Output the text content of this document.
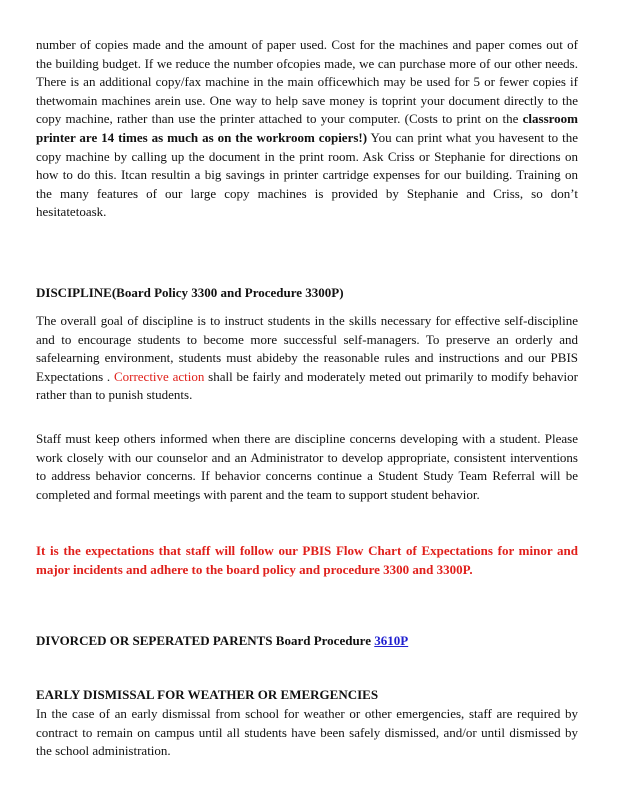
number of copies made and the amount of paper used. Cost for the machines and paper comes out of the building budget. If we reduce the number ofcopies made, we can purchase more of our other needs. There is an additional copy/fax machine in the main officewhich may be used for 5 or fewer copies if thetwomain machines arein use. One way to help save money is toprint your document directly to the copy machine, rather than use the printer attached to your computer. (Costs to print on the classroom printer are 14 times as much as on the workroom copiers!) You can print what you havesent to the copy machine by calling up the document in the print room. Ask Criss or Stephanie for directions on how to do this. Itcan resultin a big savings in printer cartridge expenses for our building. Training on the many features of our large copy machines is provided by Stephanie and Criss, so don’t hesitatetoask.
DISCIPLINE(Board Policy 3300 and Procedure 3300P)
The overall goal of discipline is to instruct students in the skills necessary for effective self-discipline and to encourage students to become more successful self-managers. To preserve an orderly and safelearning environment, students must abideby the reasonable rules and instructions and our PBIS Expectations . Corrective action shall be fairly and moderately meted out primarily to modify behavior rather than to punish students.
Staff must keep others informed when there are discipline concerns developing with a student. Please work closely with our counselor and an Administrator to develop appropriate, consistent interventions to address behavior concerns. If behavior concerns continue a Student Study Team Referral will be completed and formal meetings with parent and the team to support student behavior.
It is the expectations that staff will follow our PBIS Flow Chart of Expectations for minor and major incidents and adhere to the board policy and procedure 3300 and 3300P.
DIVORCED OR SEPERATED PARENTS Board Procedure 3610P
EARLY DISMISSAL FOR WEATHER OR EMERGENCIES
In the case of an early dismissal from school for weather or other emergencies, staff are required by contract to remain on campus until all students have been safely dismissed, and/or until dismissed by the school administration.
